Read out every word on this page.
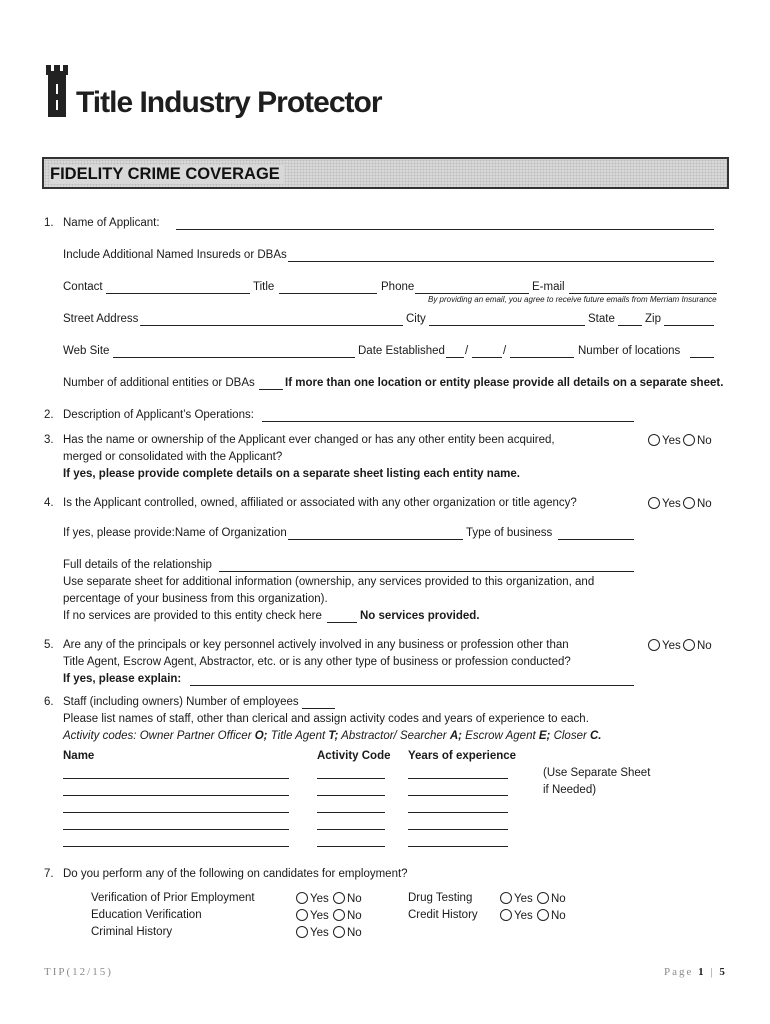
Title Industry Protector
FIDELITY CRIME COVERAGE
1. Name of Applicant:
Include Additional Named Insureds or DBAs
Contact	Title	Phone	E-mail
By providing an email, you agree to receive future emails from Merriam Insurance
Street Address	City	State	Zip
Web Site	Date Established /	/	Number of locations
Number of additional entities or DBAs	If more than one location or entity please provide all details on a separate sheet.
2. Description of Applicant’s Operations:
3. Has the name or ownership of the Applicant ever changed or has any other entity been acquired,
merged or consolidated with the Applicant?
If yes, please provide complete details on a separate sheet listing each entity name.
Yes	No
4. Is the Applicant controlled, owned, affiliated or associated with any other organization or title agency?	Yes	No
If yes, please provide:Name of Organization	Type of business
Full details of the relationship
Use separate sheet for additional information (ownership, any services provided to this organization, and
percentage of your business from this organization).
If no services are provided to this entity check here	No services provided.
5. Are any of the principals or key personnel actively involved in any business or profession other than
Title Agent, Escrow Agent, Abstractor, etc. or is any other type of business or profession conducted?
If yes, please explain:
Yes	No
6. Staff (including owners) Number of employees
Please list names of staff, other than clerical and assign activity codes and years of experience to each.
Activity codes: Owner Partner Officer O; Title Agent T; Abstractor/ Searcher A; Escrow Agent E; Closer C.
Name	Activity Code Years of experience
(Use Separate Sheet
if Needed)
7. Do you perform any of the following on candidates for employment?
Verification of Prior Employment	Yes	No
Education Verification	Yes	No
Criminal History	Yes	No
Drug Testing	Yes	No
Credit History	Yes	No
TIP(12/15)	Page 1 | 5
